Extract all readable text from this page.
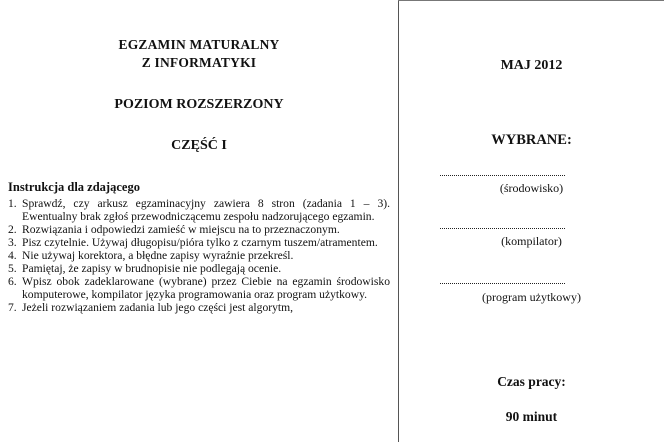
EGZAMIN MATURALNY
Z INFORMATYKI
POZIOM ROZSZERZONY
CZĘŚĆ I
Instrukcja dla zdającego
1. Sprawdź, czy arkusz egzaminacyjny zawiera 8 stron (zadania 1 – 3). Ewentualny brak zgłoś przewodniczącemu zespołu nadzorującego egzamin.
2. Rozwiązania i odpowiedzi zamieść w miejscu na to przeznaczonym.
3. Pisz czytelnie. Używaj długopisu/pióra tylko z czarnym tuszem/atramentem.
4. Nie używaj korektora, a błędne zapisy wyraźnie przekreśl.
5. Pamiętaj, że zapisy w brudnopisie nie podlegają ocenie.
6. Wpisz obok zadeklarowane (wybrane) przez Ciebie na egzamin środowisko komputerowe, kompilator języka programowania oraz program użytkowy.
7. Jeżeli rozwiązaniem zadania lub jego części jest algorytm,
MAJ 2012
WYBRANE:
(środowisko)
(kompilator)
(program użytkowy)
Czas pracy:
90 minut
